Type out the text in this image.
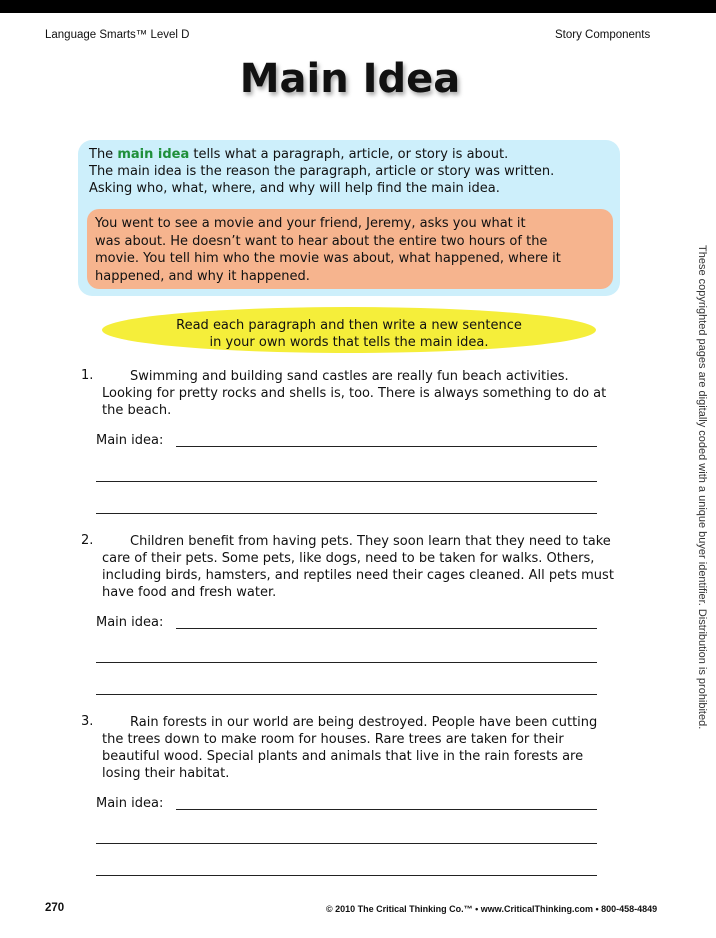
Language Smarts™ Level D	Story Components
Main Idea
The main idea tells what a paragraph, article, or story is about.
The main idea is the reason the paragraph, article or story was written.
Asking who, what, where, and why will help find the main idea.
You went to see a movie and your friend, Jeremy, asks you what it
was about. He doesn’t want to hear about the entire two hours of the
movie. You tell him who the movie was about, what happened, where it
happened, and why it happened.
Read each paragraph and then write a new sentence
in your own words that tells the main idea.
1.	Swimming and building sand castles are really fun beach activities. Looking for pretty rocks and shells is, too. There is always something to do at the beach.
Main idea:
2.	Children benefit from having pets. They soon learn that they need to take care of their pets. Some pets, like dogs, need to be taken for walks. Others, including birds, hamsters, and reptiles need their cages cleaned. All pets must have food and fresh water.
Main idea:
3.	Rain forests in our world are being destroyed. People have been cutting the trees down to make room for houses. Rare trees are taken for their beautiful wood. Special plants and animals that live in the rain forests are losing their habitat.
Main idea:
These copyrighted pages are digitally coded with a unique buyer identifier. Distribution is prohibited.
270	© 2010 The Critical Thinking Co.™ • www.CriticalThinking.com • 800-458-4849
